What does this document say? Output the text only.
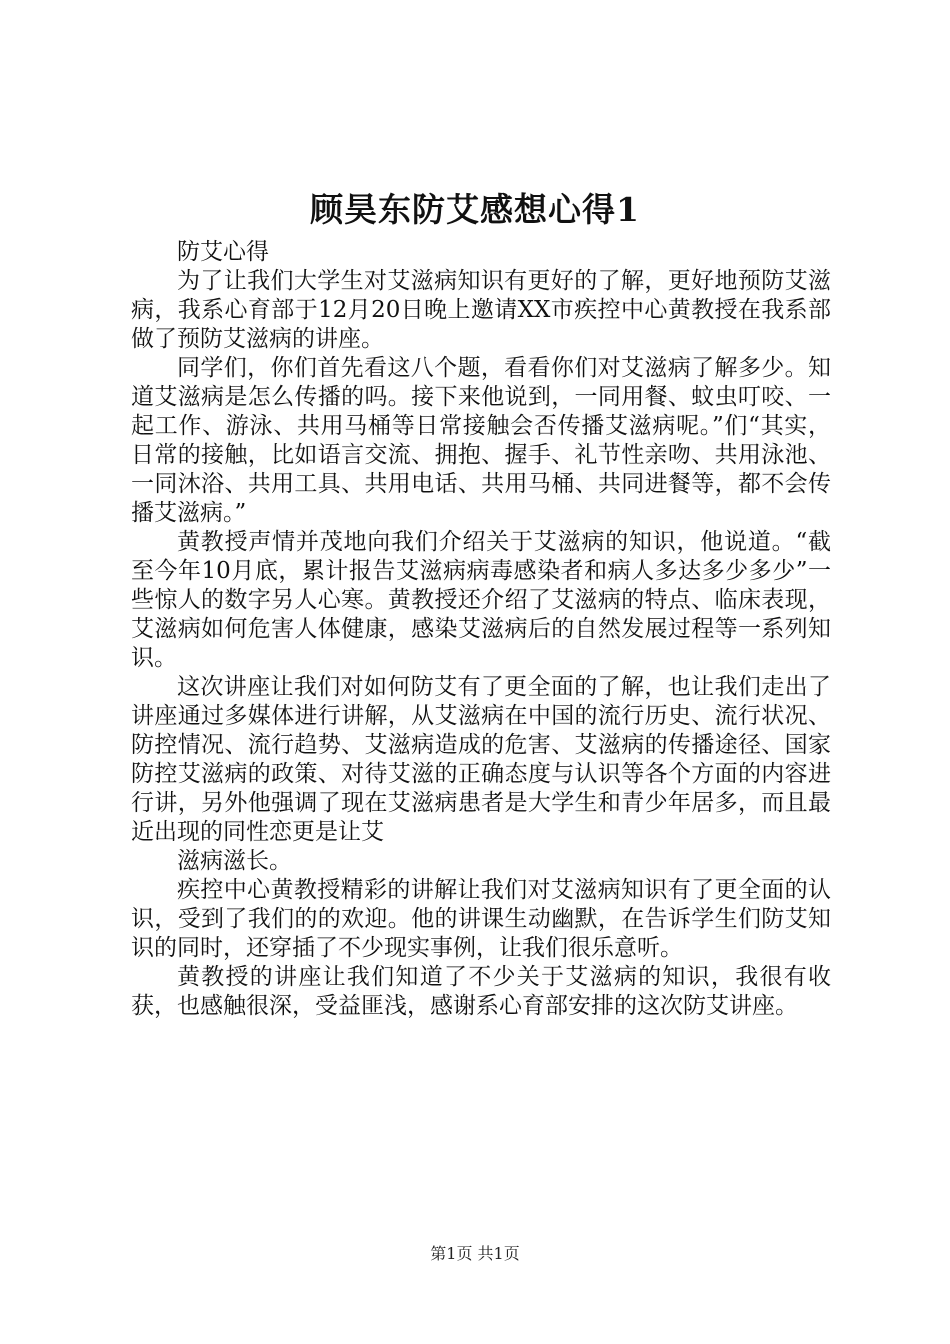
顾昊东防艾感想心得1

防艾心得

为了让我们大学生对艾滋病知识有更好的了解，更好地预防艾滋病，我系心育部于12月20日晚上邀请XX市疾控中心黄教授在我系部做了预防艾滋病的讲座。

同学们，你们首先看这八个题，看看你们对艾滋病了解多少。知道艾滋病是怎么传播的吗。接下来他说到，一同用餐、蚊虫叮咬、一起工作、游泳、共用马桶等日常接触会否传播艾滋病呢。”们“其实，日常的接触，比如语言交流、拥抱、握手、礼节性亲吻、共用泳池、一同沐浴、共用工具、共用电话、共用马桶、共同进餐等，都不会传播艾滋病。”

黄教授声情并茂地向我们介绍关于艾滋病的知识，他说道。“截至今年10月底，累计报告艾滋病病毒感染者和病人多达多少多少”一些惊人的数字另人心寒。黄教授还介绍了艾滋病的特点、临床表现，艾滋病如何危害人体健康，感染艾滋病后的自然发展过程等一系列知识。

这次讲座让我们对如何防艾有了更全面的了解，也让我们走出了讲座通过多媒体进行讲解，从艾滋病在中国的流行历史、流行状况、防控情况、流行趋势、艾滋病造成的危害、艾滋病的传播途径、国家防控艾滋病的政策、对待艾滋的正确态度与认识等各个方面的内容进行讲，另外他强调了现在艾滋病患者是大学生和青少年居多，而且最近出现的同性恋更是让艾

滋病滋长。

疾控中心黄教授精彩的讲解让我们对艾滋病知识有了更全面的认识，受到了我们的的欢迎。他的讲课生动幽默，在告诉学生们防艾知识的同时，还穿插了不少现实事例，让我们很乐意听。

黄教授的讲座让我们知道了不少关于艾滋病的知识，我很有收获，也感触很深，受益匪浅，感谢系心育部安排的这次防艾讲座。

第1页 共1页
